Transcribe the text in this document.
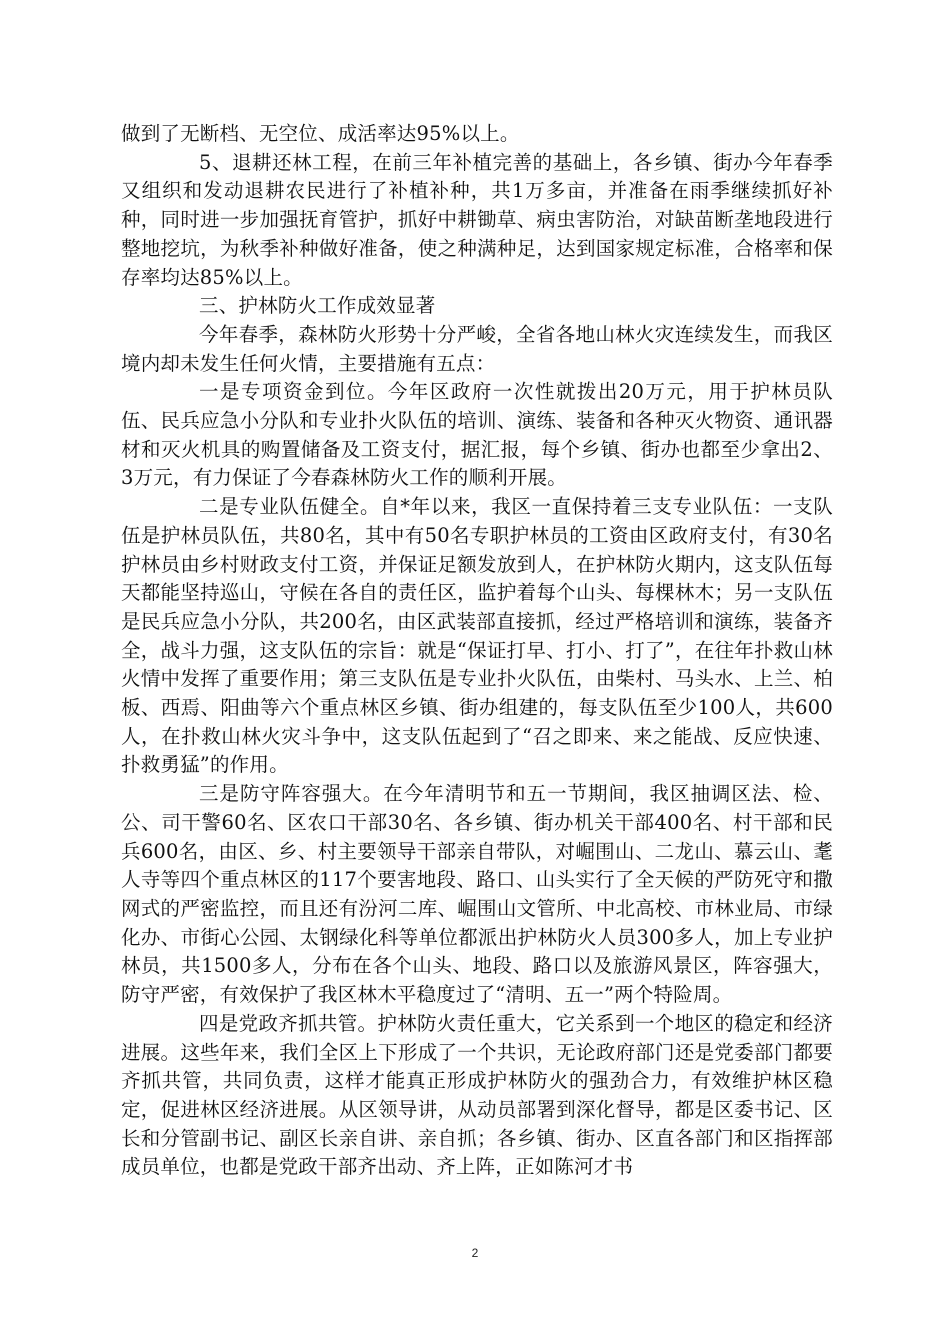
做到了无断档、无空位、成活率达95%以上。

5、退耕还林工程，在前三年补植完善的基础上，各乡镇、街办今年春季又组织和发动退耕农民进行了补植补种，共1万多亩，并准备在雨季继续抓好补种，同时进一步加强抚育管护，抓好中耕锄草、病虫害防治，对缺苗断垄地段进行整地挖坑，为秋季补种做好准备，使之种满种足，达到国家规定标准，合格率和保存率均达85%以上。

三、护林防火工作成效显著

今年春季，森林防火形势十分严峻，全省各地山林火灾连续发生，而我区境内却未发生任何火情，主要措施有五点：

一是专项资金到位。今年区政府一次性就拨出20万元，用于护林员队伍、民兵应急小分队和专业扑火队伍的培训、演练、装备和各种灭火物资、通讯器材和灭火机具的购置储备及工资支付，据汇报，每个乡镇、街办也都至少拿出2、3万元，有力保证了今春森林防火工作的顺利开展。

二是专业队伍健全。自*年以来，我区一直保持着三支专业队伍：一支队伍是护林员队伍，共80名，其中有50名专职护林员的工资由区政府支付，有30名护林员由乡村财政支付工资，并保证足额发放到人，在护林防火期内，这支队伍每天都能坚持巡山，守候在各自的责任区，监护着每个山头、每棵林木；另一支队伍是民兵应急小分队，共200名，由区武装部直接抓，经过严格培训和演练，装备齐全，战斗力强，这支队伍的宗旨：就是“保证打早、打小、打了”，在往年扑救山林火情中发挥了重要作用；第三支队伍是专业扑火队伍，由柴村、马头水、上兰、柏板、西焉、阳曲等六个重点林区乡镇、街办组建的，每支队伍至少100人，共600人，在扑救山林火灾斗争中，这支队伍起到了“召之即来、来之能战、反应快速、扑救勇猛”的作用。

三是防守阵容强大。在今年清明节和五一节期间，我区抽调区法、检、公、司干警60名、区农口干部30名、各乡镇、街办机关干部400名、村干部和民兵600名，由区、乡、村主要领导干部亲自带队，对崛围山、二龙山、慕云山、耄人寺等四个重点林区的117个要害地段、路口、山头实行了全天候的严防死守和撒网式的严密监控，而且还有汾河二库、崛围山文管所、中北高校、市林业局、市绿化办、市街心公园、太钢绿化科等单位都派出护林防火人员300多人，加上专业护林员，共1500多人，分布在各个山头、地段、路口以及旅游风景区，阵容强大，防守严密，有效保护了我区林木平稳度过了“清明、五一”两个特险周。

四是党政齐抓共管。护林防火责任重大，它关系到一个地区的稳定和经济进展。这些年来，我们全区上下形成了一个共识，无论政府部门还是党委部门都要齐抓共管，共同负责，这样才能真正形成护林防火的强劲合力，有效维护林区稳定，促进林区经济进展。从区领导讲，从动员部署到深化督导，都是区委书记、区长和分管副书记、副区长亲自讲、亲自抓；各乡镇、街办、区直各部门和区指挥部成员单位，也都是党政干部齐出动、齐上阵，正如陈河才书

2
